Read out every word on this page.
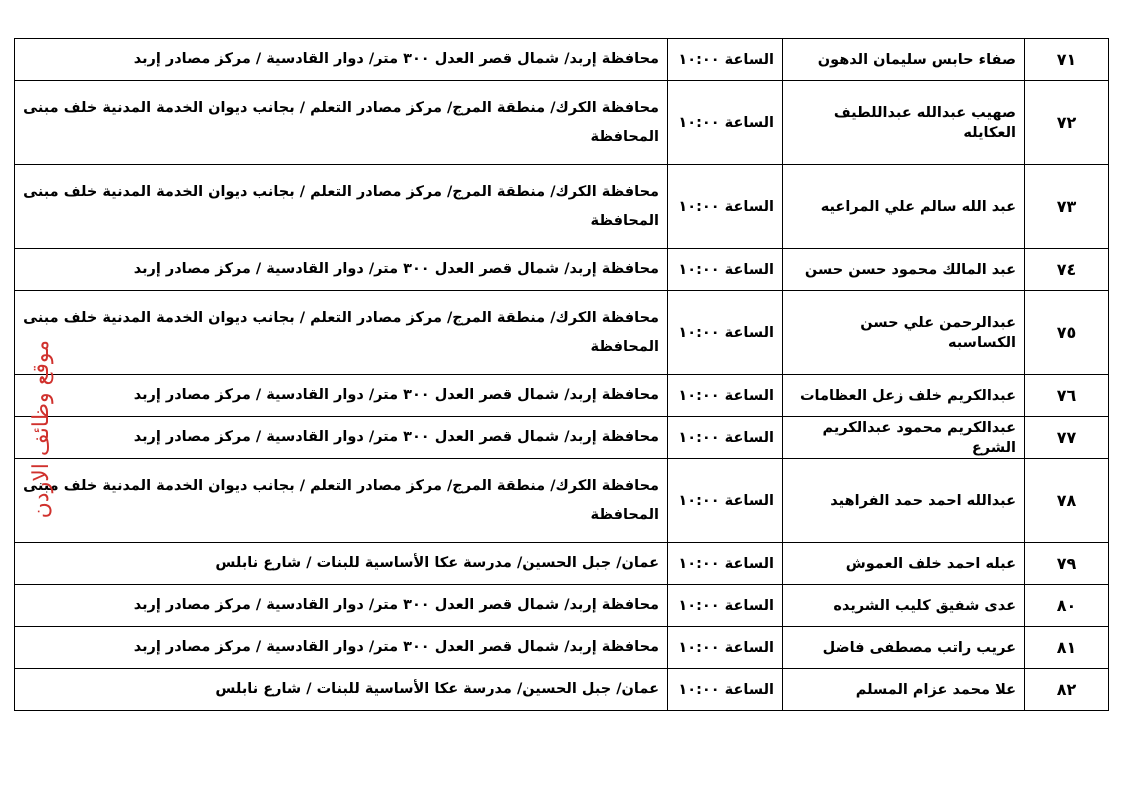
٧١	صفاء حابس سليمان الدهون	الساعة ١٠:٠٠	محافظة إربد/ شمال قصر العدل ٣٠٠ متر/ دوار القادسية / مركز مصادر إربد
٧٢	صهيب عبدالله عبداللطيف العكايله	الساعة ١٠:٠٠	محافظة الكرك/ منطقة المرج/ مركز مصادر التعلم / بجانب ديوان الخدمة المدنية خلف مبنى المحافظة
٧٣	عبد الله سالم علي المراعيه	الساعة ١٠:٠٠	محافظة الكرك/ منطقة المرج/ مركز مصادر التعلم / بجانب ديوان الخدمة المدنية خلف مبنى المحافظة
٧٤	عبد المالك محمود حسن حسن	الساعة ١٠:٠٠	محافظة إربد/ شمال قصر العدل ٣٠٠ متر/ دوار القادسية / مركز مصادر إربد
٧٥	عبدالرحمن علي حسن الكساسبه	الساعة ١٠:٠٠	محافظة الكرك/ منطقة المرج/ مركز مصادر التعلم / بجانب ديوان الخدمة المدنية خلف مبنى المحافظة
٧٦	عبدالكريم خلف زعل العظامات	الساعة ١٠:٠٠	محافظة إربد/ شمال قصر العدل ٣٠٠ متر/ دوار القادسية / مركز مصادر إربد
٧٧	عبدالكريم محمود عبدالكريم الشرع	الساعة ١٠:٠٠	محافظة إربد/ شمال قصر العدل ٣٠٠ متر/ دوار القادسية / مركز مصادر إربد
٧٨	عبدالله احمد حمد الفراهيد	الساعة ١٠:٠٠	محافظة الكرك/ منطقة المرج/ مركز مصادر التعلم / بجانب ديوان الخدمة المدنية خلف مبنى المحافظة
٧٩	عبله احمد خلف العموش	الساعة ١٠:٠٠	عمان/ جبل الحسين/ مدرسة عكا الأساسية للبنات / شارع نابلس
٨٠	عدى شفيق كليب الشريده	الساعة ١٠:٠٠	محافظة إربد/ شمال قصر العدل ٣٠٠ متر/ دوار القادسية / مركز مصادر إربد
٨١	عريب راتب مصطفى فاضل	الساعة ١٠:٠٠	محافظة إربد/ شمال قصر العدل ٣٠٠ متر/ دوار القادسية / مركز مصادر إربد
٨٢	علا محمد عزام المسلم	الساعة ١٠:٠٠	عمان/ جبل الحسين/ مدرسة عكا الأساسية للبنات / شارع نابلس
موقع وظائف الاردن
